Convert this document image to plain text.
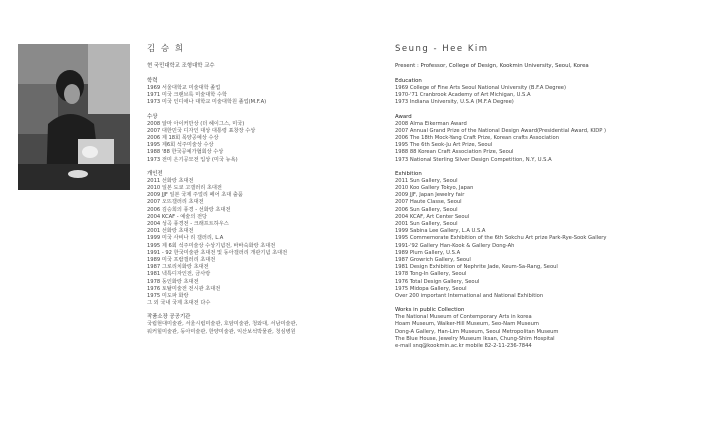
김 승 희
현 국민대학교 조형대학 교수
학력
1969 서울대학교 미술대학 졸업
1971 미국 크랜브룩 미술대학 수학
1973 미국 인디애나 대학교 미술대학원 졸업(M.F.A)
수상
2008 알마 아이커만상 (더 헤이그스, 미국)
2007 대한민국 디자인 대상 대통령 표창장 수상
2006 제 18회 목양공예상 수상
1995 제6회 석주미술상 수상
1988 '88 한국공예가협회상 수상
1973 전미 은기공모전 입상 (미국 뉴욕)
개인전
2011 선화랑 초대전
2010 일본 도쿄 고갤러리 초대전
2009 JJF 일본 국제 주얼리 페어 초대 출품
2007 오뜨갤러리 초대전
2006 김승희의 풍경 - 선화랑 초대전
2004 KCAF - 예술의 전당
2004 성곡 풍경전 - 크래프트하우스
2001 선화랑 초대전
1999 미국 사비나 리 갤러리, L.A
1995 제 6회 석주미술상 수상기념전, 바바숙화랑 초대전
1991 - 92 한국미술관 초대전 및 동아갤러리 개관기념 초대전
1989 미국 프랍갤러리 초대전
1987 그로리치화랑 초대전
1981 넥특디자인전, 금사랑
1978 동인화랑 초대전
1976 토탈미술전 전시관 초대전
1975 미도파 화랑
그 외 국내 국제 초대전 다수
작품소장 공공기관
국립현대미술관, 서울시립미술관, 호암미술관, 청와대, 서남미술관,
워커힐미술관, 동아미술관, 한양미술관, 익산보석박물관, 청심병원
Seung - Hee Kim
Present : Professor, College of Design, Kookmin University, Seoul, Korea
Education
1969 College of Fine Arts Seoul National University (B.F.A Degree)
1970-'71 Cranbrook Academy of Art Michigan, U.S.A
1973 Indiana University, U.S.A (M.F.A Degree)
Award
2008 Alma Eikerman Award
2007 Annual Grand Prize of the National Design Award(Presidential Award, KIDP )
2006 The 18th Mock-Yang Craft Prize, Korean crafts Association
1995 The 6th Seok-Ju Art Prize, Seoul
1988 88 Korean Craft Association Prize, Seoul
1973 National Sterling Silver Design Competition, N.Y, U.S.A
Exhibition
2011 Sun Gallery, Seoul
2010 Koo Gallery Tokyo, Japan
2009 JJF, Japan Jewelry fair
2007 Haute Classe, Seoul
2006 Sun Gallery, Seoul
2004 KCAF, Art Center Seoul
2001 Sun Gallery, Seoul
1999 Sabina Lee Gallery, L.A U.S.A
1995 Commemorate Exhibition of the 6th Sokchu Art prize Park-Rye-Sook Gallery
1991-'92 Gallery Han-Kook & Gallery Dong-Ah
1989 Plum Gallery, U.S.A
1987 Growrich Gallery, Seoul
1981 Design Exhibition of Nephrite Jade, Keum-Sa-Rang, Seoul
1978 Tong-In Gallery, Seoul
1976 Total Design Gallery, Seoul
1975 Midopa Gallery, Seoul
Over 200 important International and National Exhibition
Works in public Collection
The National Museum of Contemporary Arts in korea
Hoam Museum, Walker-Hill Museum, Seo-Nam Museum
Dong-A Gallery, Han-Lim Museum, Seoul Metropolitan Museum
The Blue House, Jewelry Museum Iksan, Chung-Shim Hospital
e-mail snq@kookmin.ac.kr mobile 82-2-11-236-7844
